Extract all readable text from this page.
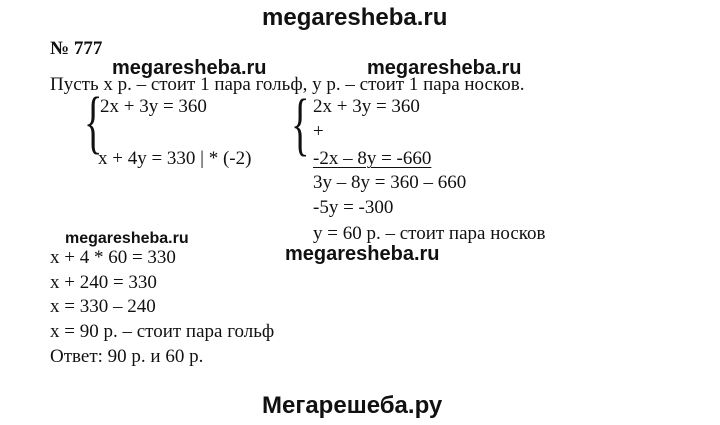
megaresheba.ru
№ 777
megaresheba.ru	megaresheba.ru
Пусть х р. – стоит 1 пара гольф, у р. – стоит 1 пара носков.
{
2x + 3y = 360
x + 4y = 330 | * (-2) { 2x + 3y = 360
+
-2x – 8y = -660
3y – 8y = 360 – 660
-5y = -300
y = 60 р. – стоит пара носков
megaresheba.ru
megaresheba.ru
x + 4 * 60 = 330
x + 240 = 330
x = 330 – 240
x = 90 р. – стоит пара гольф
Ответ: 90 р. и 60 р.
Мегарешеба.ру
